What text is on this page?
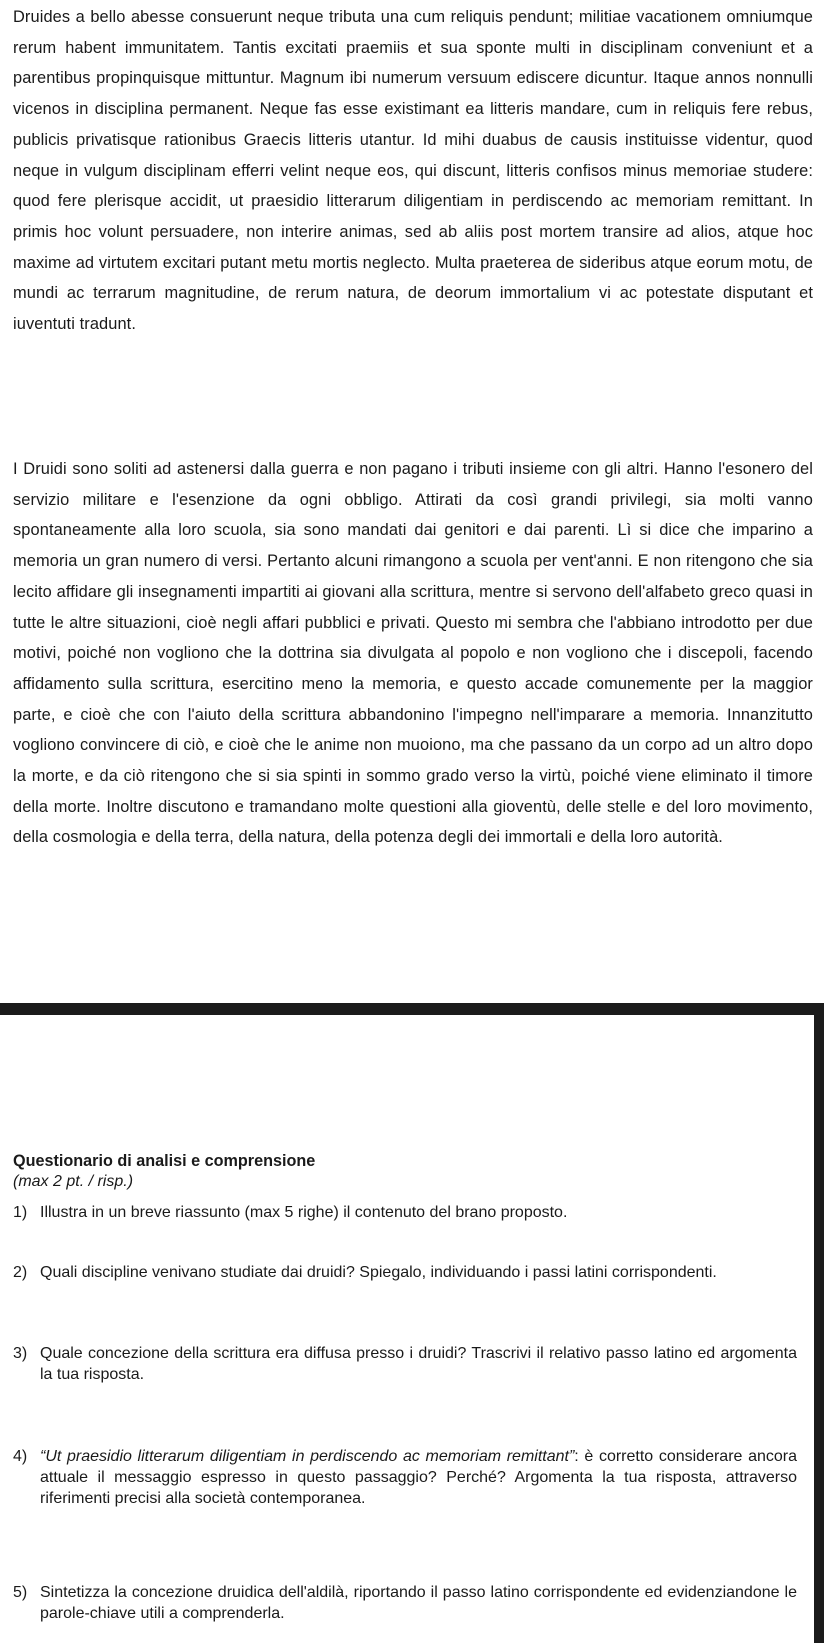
Druides a bello abesse consuerunt neque tributa una cum reliquis pendunt; militiae vacationem omniumque rerum habent immunitatem. Tantis excitati praemiis et sua sponte multi in disciplinam conveniunt et a parentibus propinquisque mittuntur. Magnum ibi numerum versuum ediscere dicuntur. Itaque annos nonnulli vicenos in disciplina permanent. Neque fas esse existimant ea litteris mandare, cum in reliquis fere rebus, publicis privatisque rationibus Graecis litteris utantur. Id mihi duabus de causis instituisse videntur, quod neque in vulgum disciplinam efferri velint neque eos, qui discunt, litteris confisos minus memoriae studere: quod fere plerisque accidit, ut praesidio litterarum diligentiam in perdiscendo ac memoriam remittant. In primis hoc volunt persuadere, non interire animas, sed ab aliis post mortem transire ad alios, atque hoc maxime ad virtutem excitari putant metu mortis neglecto. Multa praeterea de sideribus atque eorum motu, de mundi ac terrarum magnitudine, de rerum natura, de deorum immortalium vi ac potestate disputant et iuventuti tradunt.

I Druidi sono soliti ad astenersi dalla guerra e non pagano i tributi insieme con gli altri. Hanno l'esonero del servizio militare e l'esenzione da ogni obbligo. Attirati da così grandi privilegi, sia molti vanno spontaneamente alla loro scuola, sia sono mandati dai genitori e dai parenti. Lì si dice che imparino a memoria un gran numero di versi. Pertanto alcuni rimangono a scuola per vent'anni. E non ritengono che sia lecito affidare gli insegnamenti impartiti ai giovani alla scrittura, mentre si servono dell'alfabeto greco quasi in tutte le altre situazioni, cioè negli affari pubblici e privati. Questo mi sembra che l'abbiano introdotto per due motivi, poiché non vogliono che la dottrina sia divulgata al popolo e non vogliono che i discepoli, facendo affidamento sulla scrittura, esercitino meno la memoria, e questo accade comunemente per la maggior parte, e cioè che con l'aiuto della scrittura abbandonino l'impegno nell'imparare a memoria. Innanzitutto vogliono convincere di ciò, e cioè che le anime non muoiono, ma che passano da un corpo ad un altro dopo la morte, e da ciò ritengono che si sia spinti in sommo grado verso la virtù, poiché viene eliminato il timore della morte. Inoltre discutono e tramandano molte questioni alla gioventù, delle stelle e del loro movimento, della cosmologia e della terra, della natura, della potenza degli dei immortali e della loro autorità.

Questionario di analisi e comprensione

(max 2 pt. / risp.)

1) Illustra in un breve riassunto (max 5 righe) il contenuto del brano proposto.
2) Quali discipline venivano studiate dai druidi? Spiegalo, individuando i passi latini corrispondenti.
3) Quale concezione della scrittura era diffusa presso i druidi? Trascrivi il relativo passo latino ed argomenta la tua risposta.
4) “Ut praesidio litterarum diligentiam in perdiscendo ac memoriam remittant”: è corretto considerare ancora attuale il messaggio espresso in questo passaggio? Perché? Argomenta la tua risposta, attraverso riferimenti precisi alla società contemporanea.
5) Sintetizza la concezione druidica dell'aldilà, riportando il passo latino corrispondente ed evidenziandone le parole-chiave utili a comprenderla.
